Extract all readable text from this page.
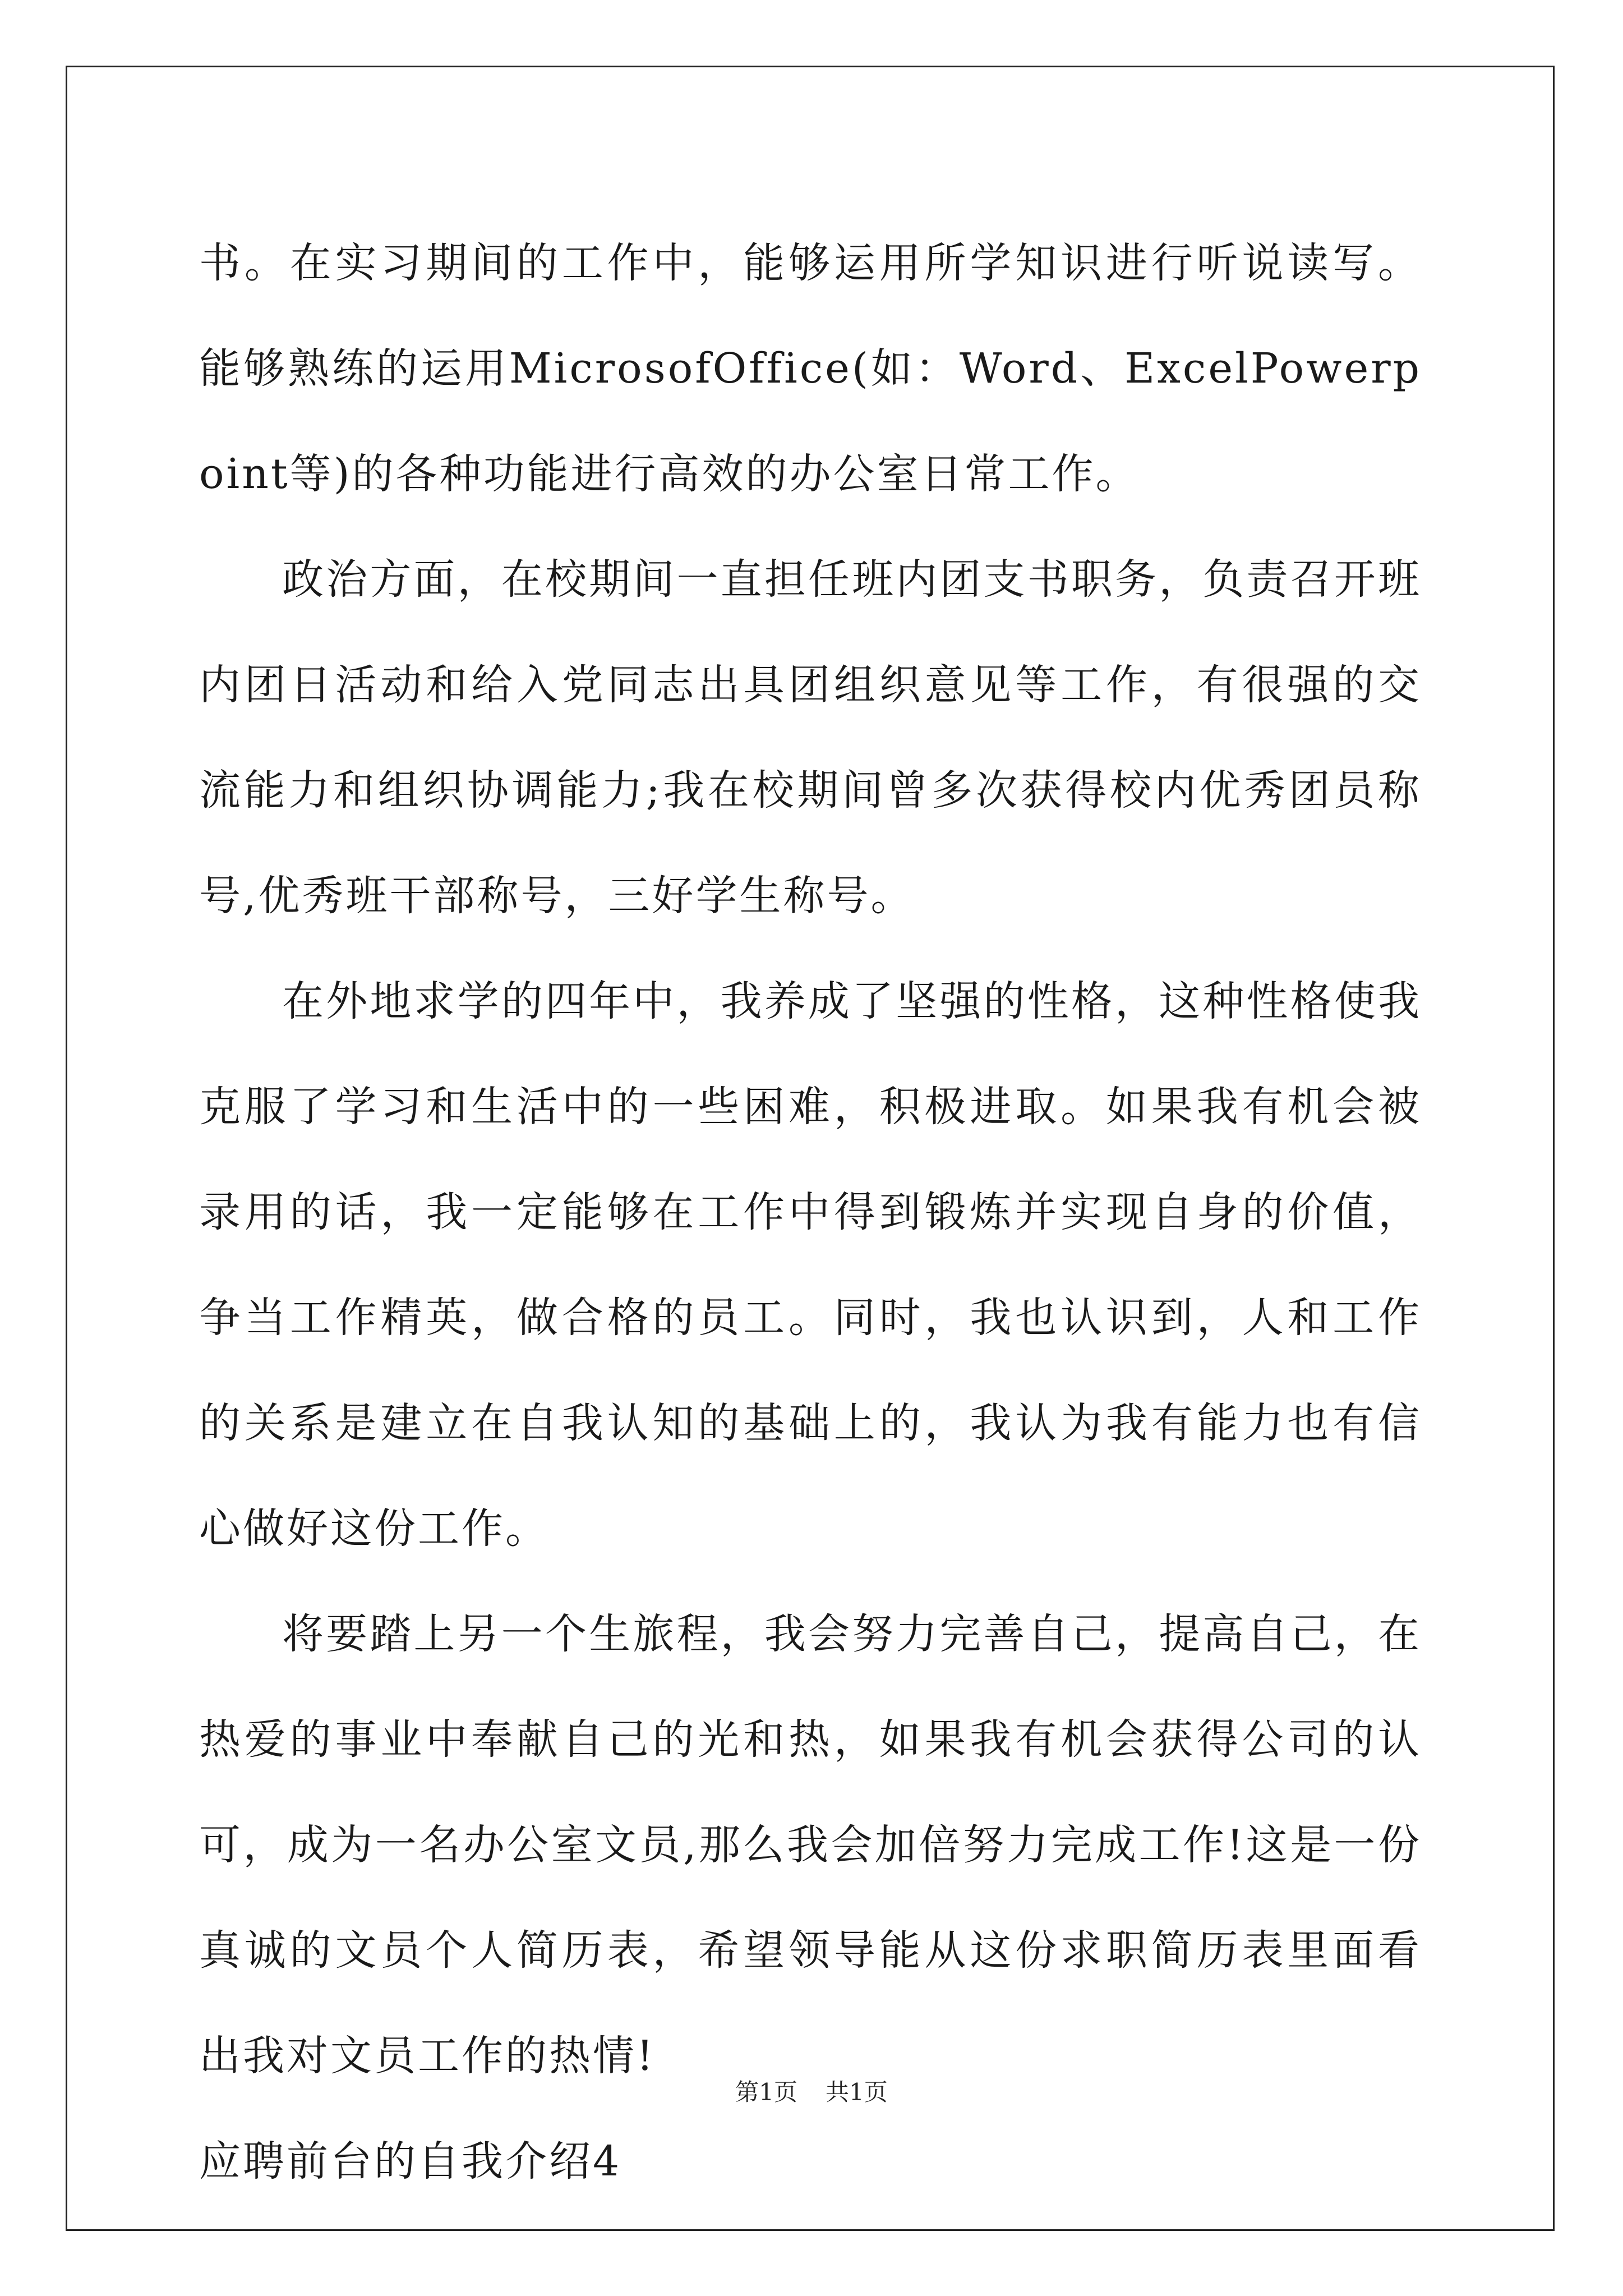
书。在实习期间的工作中，能够运用所学知识进行听说读写。能够熟练的运用MicrosofOffice(如：Word、ExcelPowerpoint等)的各种功能进行高效的办公室日常工作。

政治方面，在校期间一直担任班内团支书职务，负责召开班内团日活动和给入党同志出具团组织意见等工作，有很强的交流能力和组织协调能力;我在校期间曾多次获得校内优秀团员称号,优秀班干部称号，三好学生称号。

在外地求学的四年中，我养成了坚强的性格，这种性格使我克服了学习和生活中的一些困难，积极进取。如果我有机会被录用的话，我一定能够在工作中得到锻炼并实现自身的价值，争当工作精英，做合格的员工。同时，我也认识到，人和工作的关系是建立在自我认知的基础上的，我认为我有能力也有信心做好这份工作。

将要踏上另一个生旅程，我会努力完善自己，提高自己，在热爱的事业中奉献自己的光和热，如果我有机会获得公司的认可，成为一名办公室文员,那么我会加倍努力完成工作!这是一份真诚的文员个人简历表，希望领导能从这份求职简历表里面看出我对文员工作的热情!

应聘前台的自我介绍4

第1页 共1页
